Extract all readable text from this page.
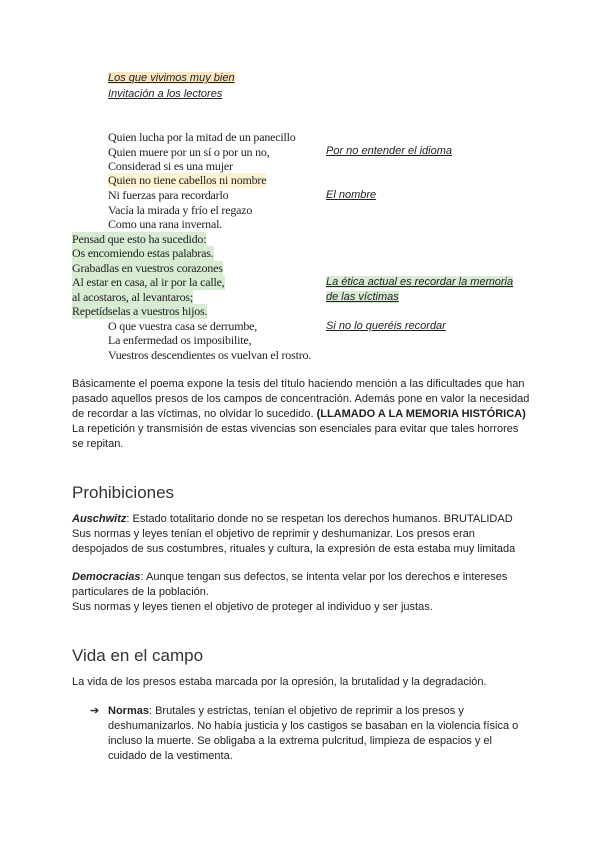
Los que vivimos muy bien
Invitación a los lectores
Quien lucha por la mitad de un panecillo
Quien muere por un sí o por un no,
Considerad si es una mujer
Quien no tiene cabellos ni nombre
Ni fuerzas para recordarlo
Vacía la mirada y frío el regazo
Como una rana invernal.
Pensad que esto ha sucedido:
Os encomiendo estas palabras.
Grabadlas en vuestros corazones
Al estar en casa, al ir por la calle,
al acostaros, al levantaros;
Repetídselas a vuestros hijos.
O que vuestra casa se derrumbe,
La enfermedad os imposibilite,
Vuestros descendientes os vuelvan el rostro.
Por no entender el idioma
El nombre
La ética actual es recordar la memoria
de las víctimas
Si no lo queréis recordar
Básicamente el poema expone la tesis del título haciendo mención a las dificultades que han pasado aquellos presos de los campos de concentración. Además pone en valor la necesidad de recordar a las víctimas, no olvidar lo sucedido. (LLAMADO A LA MEMORIA HISTÓRICA) La repetición y transmisión de estas vivencias son esenciales para evitar que tales horrores se repitan.
Prohibiciones
Auschwitz: Estado totalitario donde no se respetan los derechos humanos. BRUTALIDAD
Sus normas y leyes tenían el objetivo de reprimir y deshumanizar. Los presos eran despojados de sus costumbres, rituales y cultura, la expresión de esta estaba muy limitada
Democracias: Aunque tengan sus defectos, se intenta velar por los derechos e intereses particulares de la población.
Sus normas y leyes tienen el objetivo de proteger al individuo y ser justas.
Vida en el campo
La vida de los presos estaba marcada por la opresión, la brutalidad y la degradación.
➔ Normas: Brutales y estrictas, tenían el objetivo de reprimir a los presos y deshumanizarlos. No había justicia y los castigos se basaban en la violencia física o incluso la muerte. Se obligaba a la extrema pulcritud, limpieza de espacios y el cuidado de la vestimenta.
